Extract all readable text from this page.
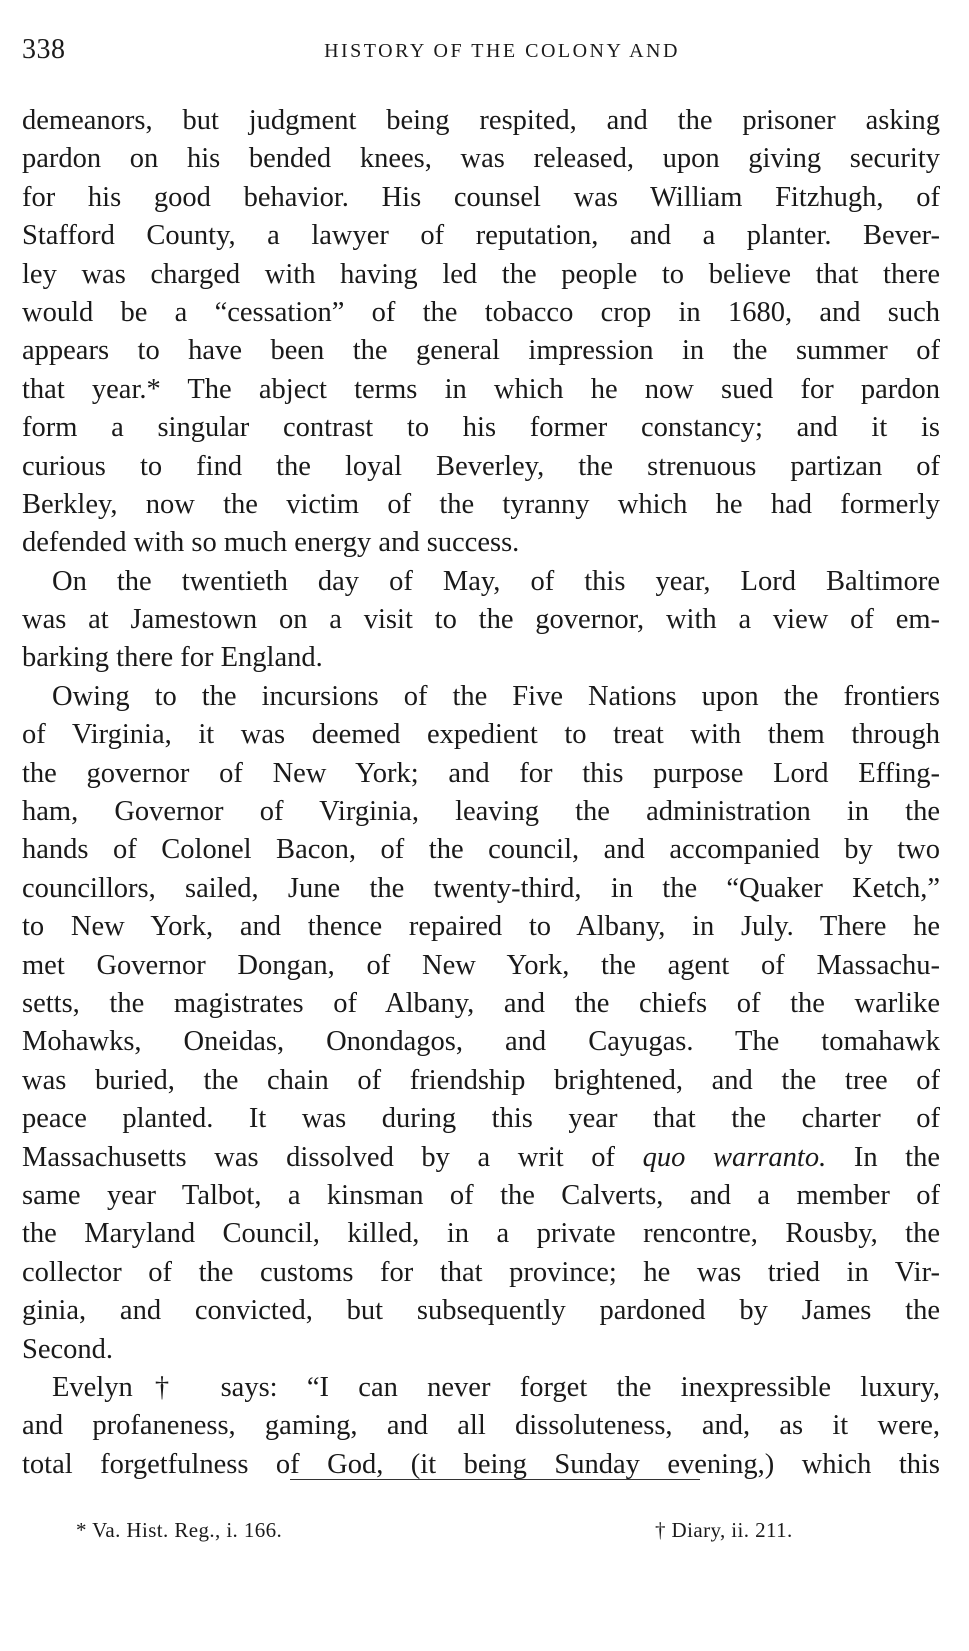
338	HISTORY OF THE COLONY AND
demeanors, but judgment being respited, and the prisoner asking
pardon on his bended knees, was released, upon giving security
for his good behavior. His counsel was William Fitzhugh, of
Stafford County, a lawyer of reputation, and a planter. Bever-
ley was charged with having led the people to believe that there
would be a “cessation” of the tobacco crop in 1680, and such
appears to have been the general impression in the summer of
that year.* The abject terms in which he now sued for pardon
form a singular contrast to his former constancy; and it is
curious to find the loyal Beverley, the strenuous partizan of
Berkley, now the victim of the tyranny which he had formerly
defended with so much energy and success.
On the twentieth day of May, of this year, Lord Baltimore
was at Jamestown on a visit to the governor, with a view of em-
barking there for England.
Owing to the incursions of the Five Nations upon the frontiers
of Virginia, it was deemed expedient to treat with them through
the governor of New York; and for this purpose Lord Effing-
ham, Governor of Virginia, leaving the administration in the
hands of Colonel Bacon, of the council, and accompanied by two
councillors, sailed, June the twenty-third, in the “Quaker Ketch,”
to New York, and thence repaired to Albany, in July. There he
met Governor Dongan, of New York, the agent of Massachu-
setts, the magistrates of Albany, and the chiefs of the warlike
Mohawks, Oneidas, Onondagos, and Cayugas. The tomahawk
was buried, the chain of friendship brightened, and the tree of
peace planted. It was during this year that the charter of
Massachusetts was dissolved by a writ of quo warranto. In the
same year Talbot, a kinsman of the Calverts, and a member of
the Maryland Council, killed, in a private rencontre, Rousby, the
collector of the customs for that province; he was tried in Vir-
ginia, and convicted, but subsequently pardoned by James the
Second.
Evelyn† says: “I can never forget the inexpressible luxury,
and profaneness, gaming, and all dissoluteness, and, as it were,
total forgetfulness of God, (it being Sunday evening,) which this
* Va. Hist. Reg., i. 166.	† Diary, ii. 211.
